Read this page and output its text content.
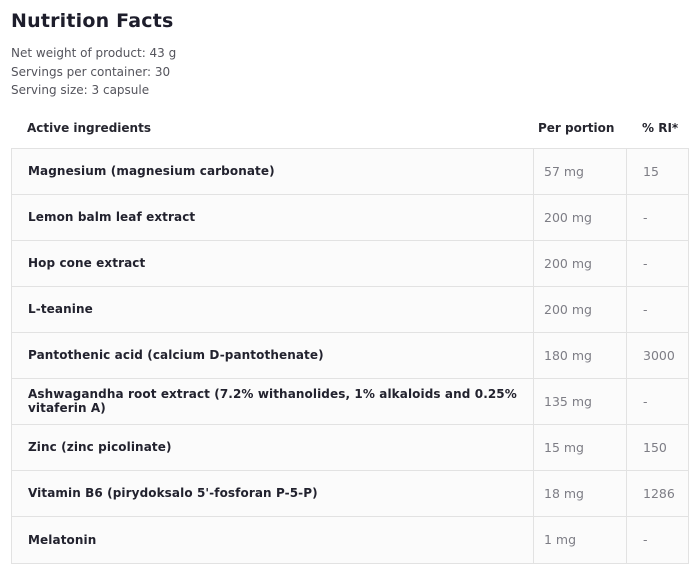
Nutrition Facts
Net weight of product: 43 g
Servings per container: 30
Serving size: 3 capsule
Active ingredients	Per portion	% RI*
Magnesium (magnesium carbonate)	57 mg	15
Lemon balm leaf extract	200 mg	-
Hop cone extract	200 mg	-
L-teanine	200 mg	-
Pantothenic acid (calcium D-pantothenate)	180 mg	3000
Ashwagandha root extract (7.2% withanolides, 1% alkaloids and 0.25% vitaferin A)	135 mg	-
Zinc (zinc picolinate)	15 mg	150
Vitamin B6 (pirydoksalo 5'-fosforan P-5-P)	18 mg	1286
Melatonin	1 mg	-
